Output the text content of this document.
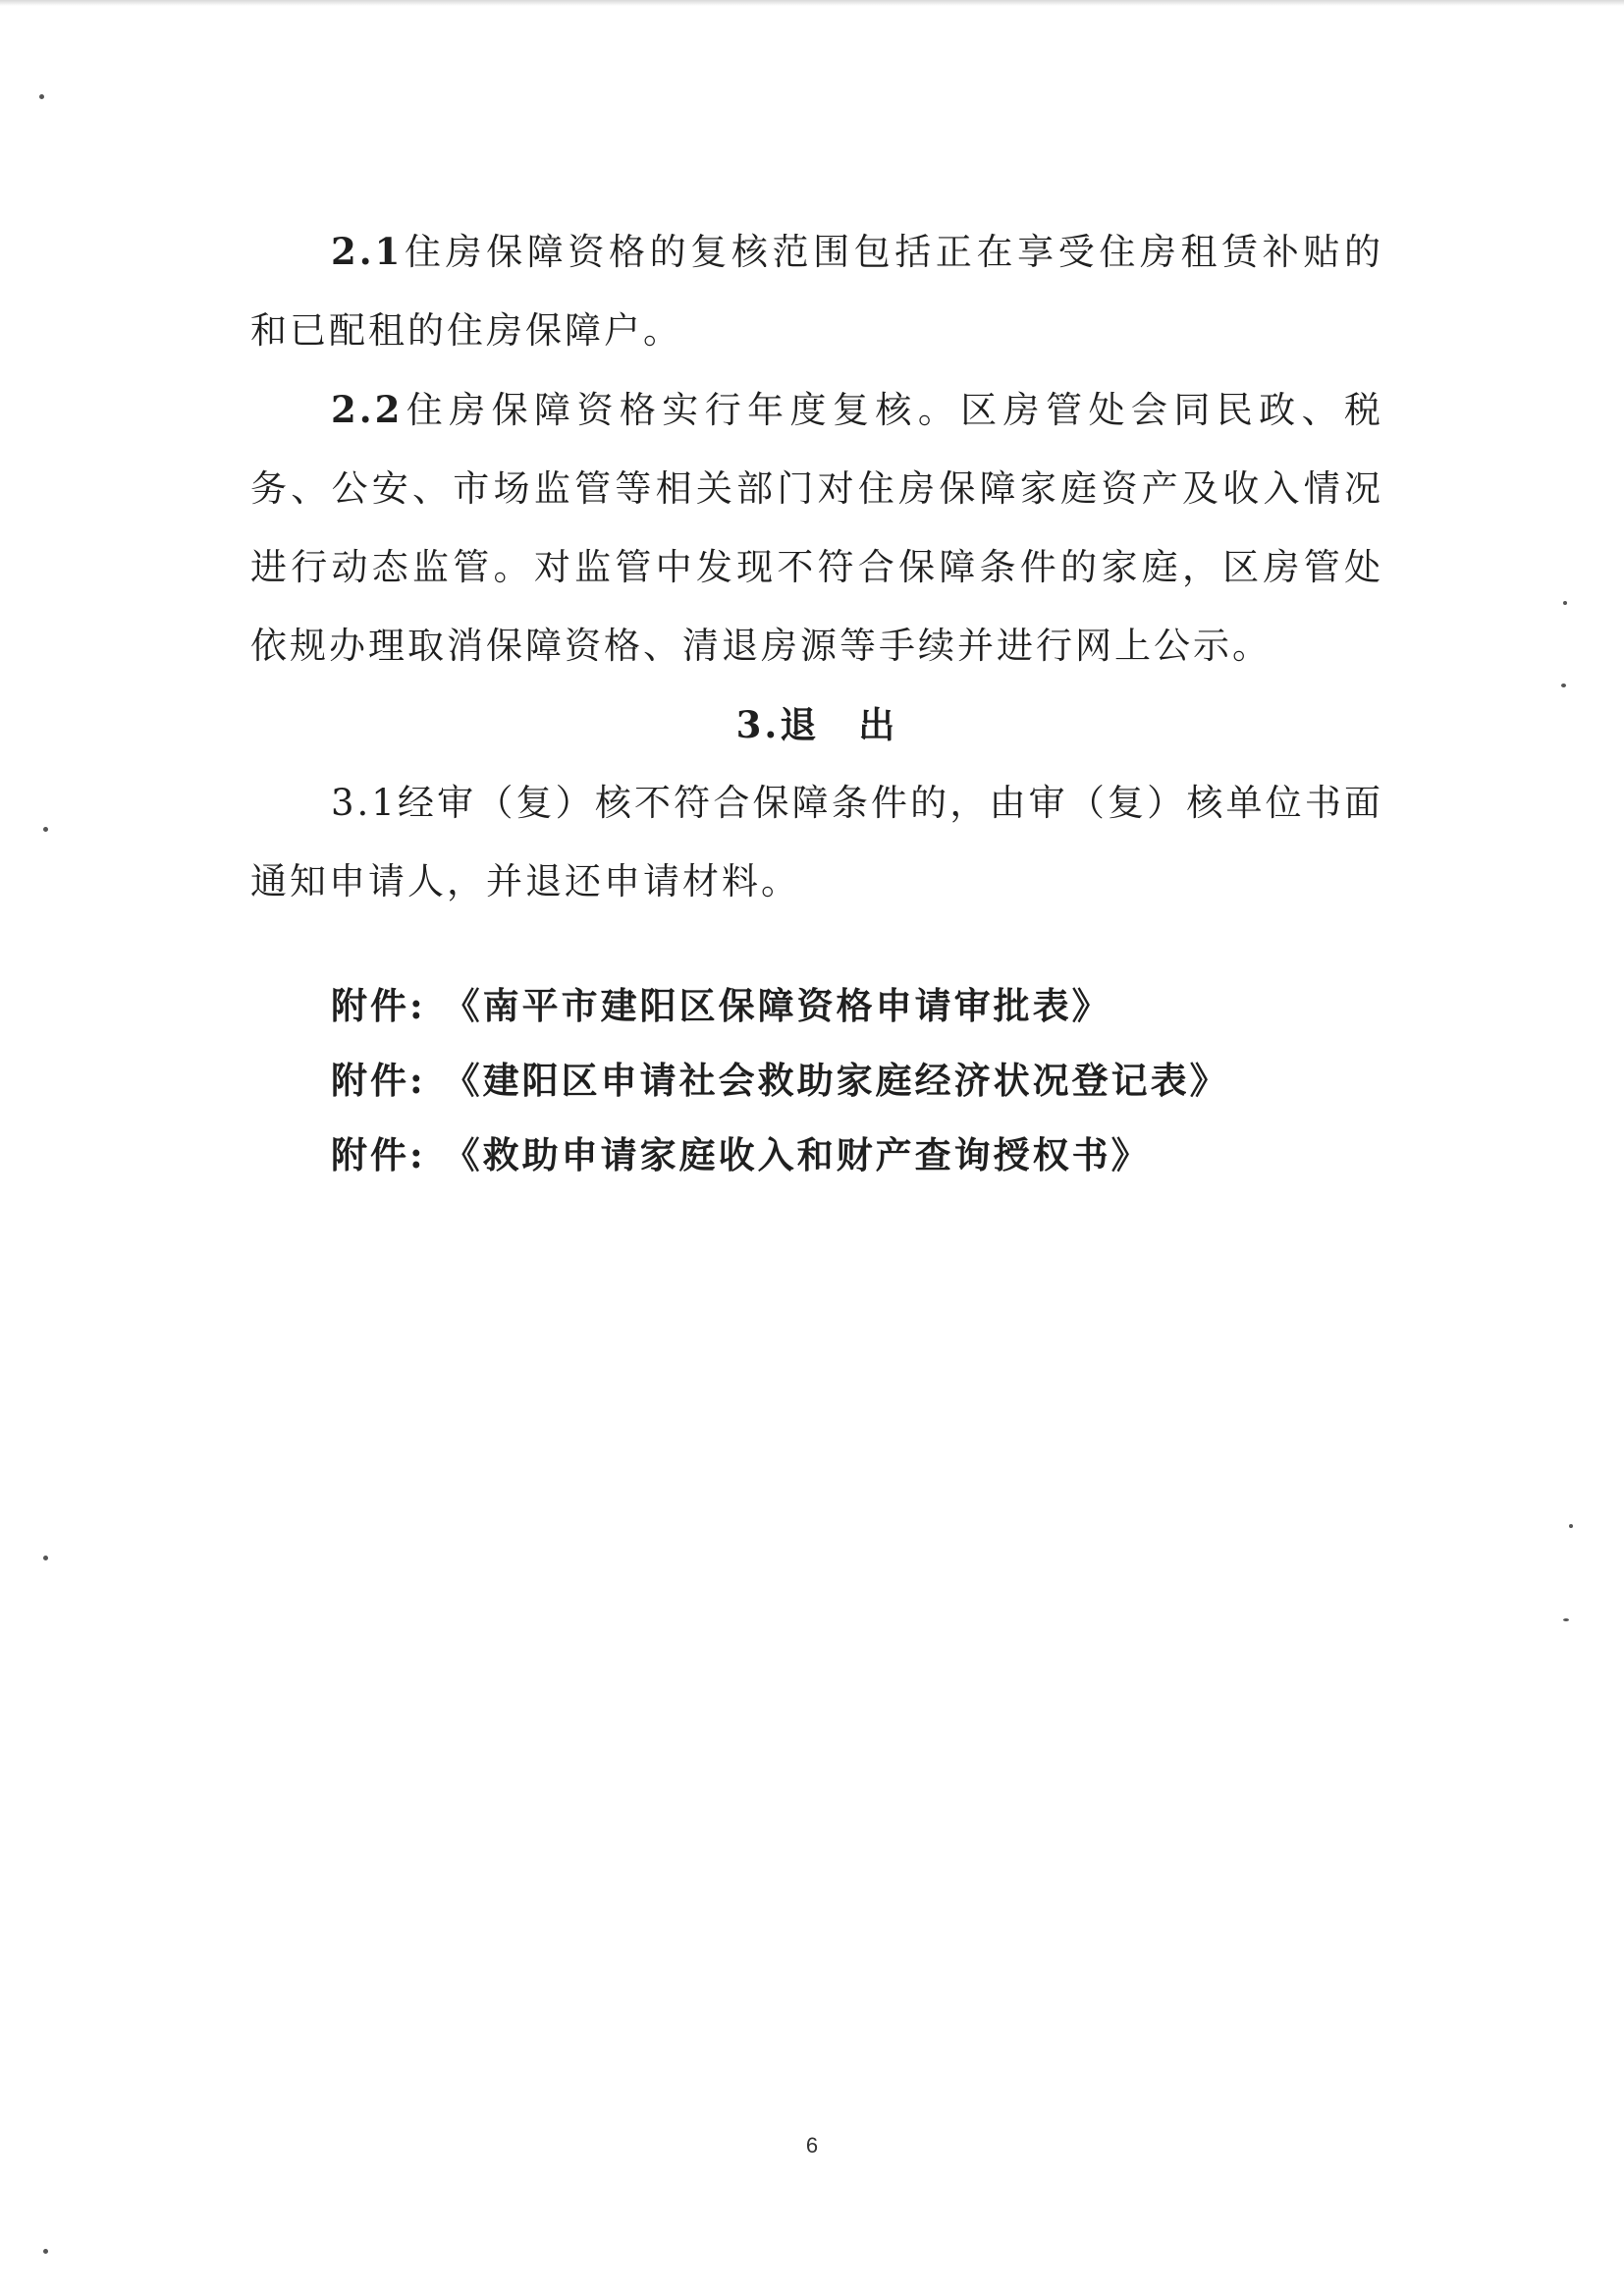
2.1住房保障资格的复核范围包括正在享受住房租赁补贴的和已配租的住房保障户。

2.2住房保障资格实行年度复核。区房管处会同民政、税务、公安、市场监管等相关部门对住房保障家庭资产及收入情况进行动态监管。对监管中发现不符合保障条件的家庭，区房管处依规办理取消保障资格、清退房源等手续并进行网上公示。

3.退　出

3.1经审（复）核不符合保障条件的，由审（复）核单位书面通知申请人，并退还申请材料。

附件: 《南平市建阳区保障资格申请审批表》

附件: 《建阳区申请社会救助家庭经济状况登记表》

附件: 《救助申请家庭收入和财产查询授权书》

6
